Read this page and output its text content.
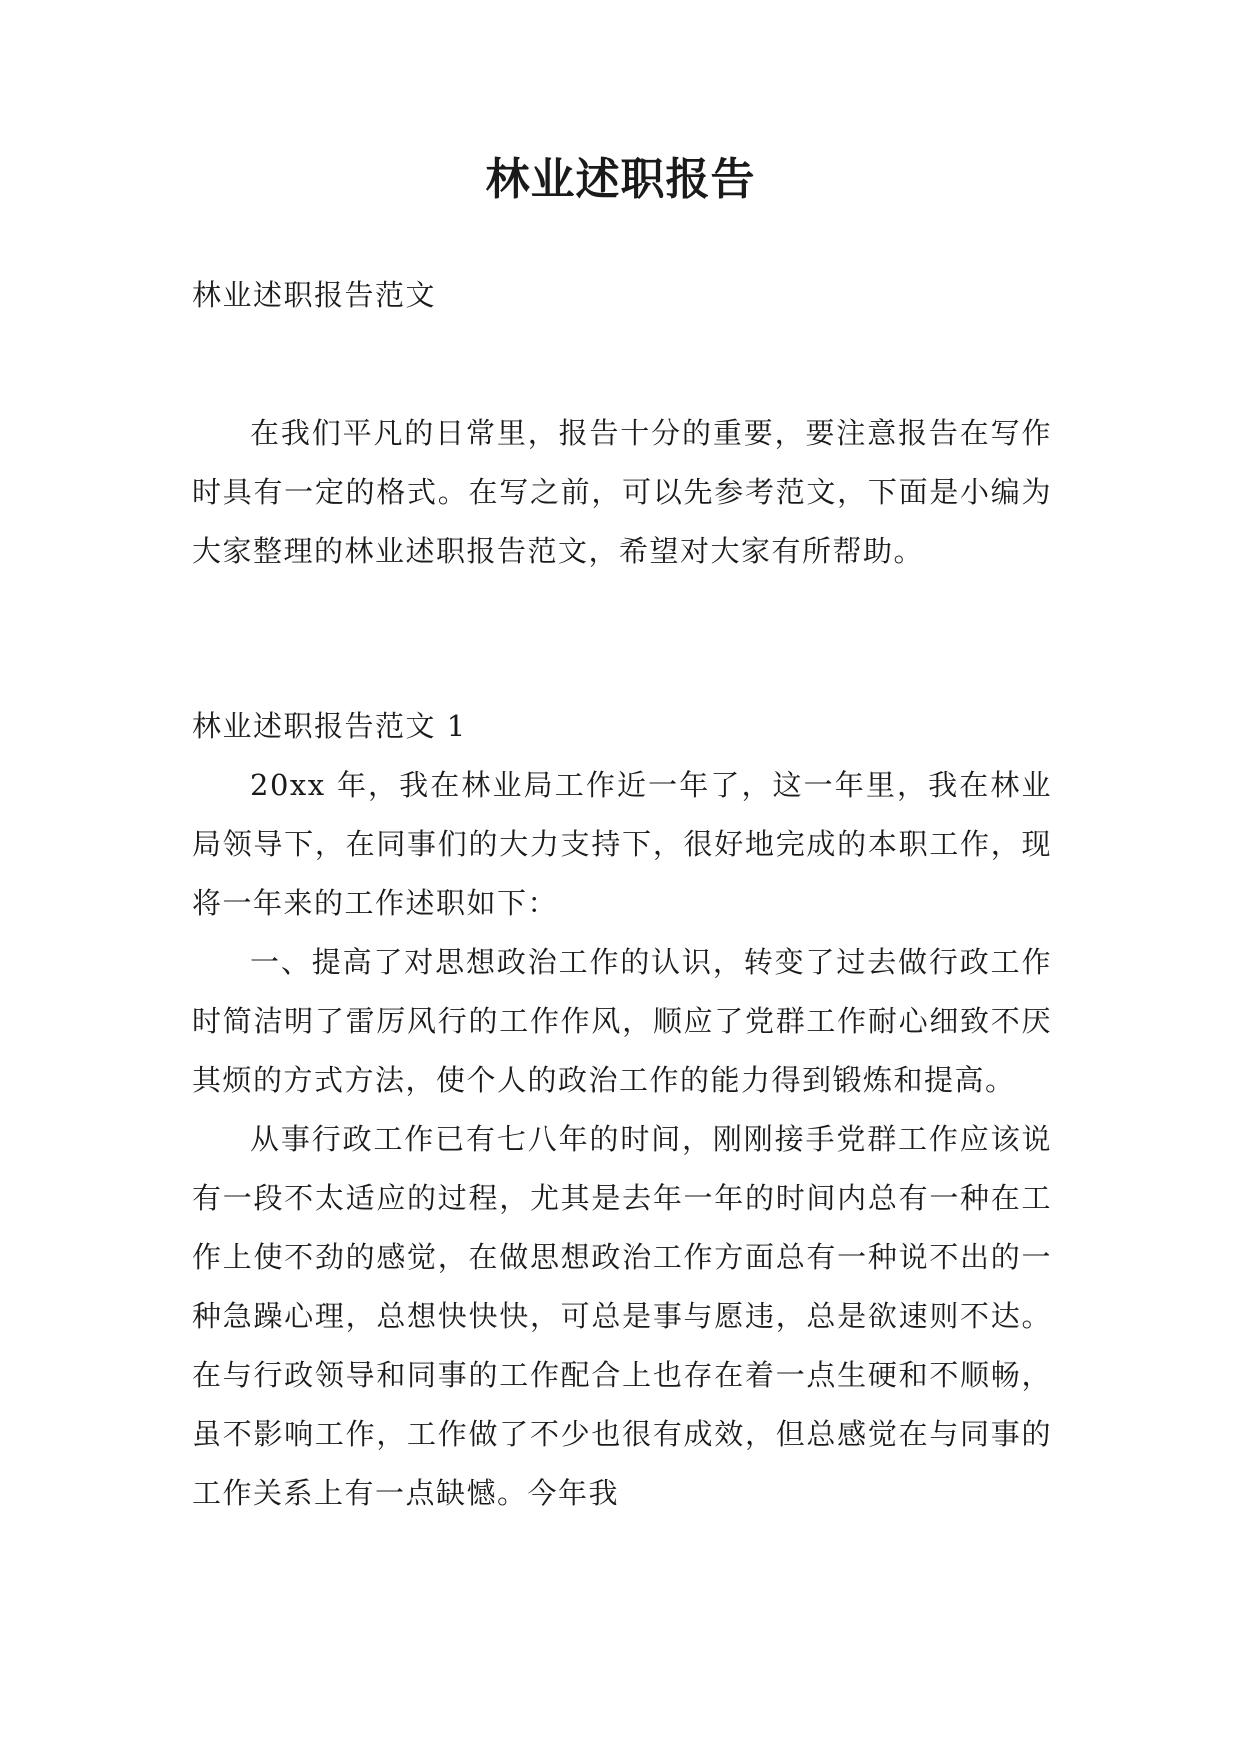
林业述职报告

林业述职报告范文

在我们平凡的日常里，报告十分的重要，要注意报告在写作时具有一定的格式。在写之前，可以先参考范文，下面是小编为大家整理的林业述职报告范文，希望对大家有所帮助。

林业述职报告范文 1

20xx 年，我在林业局工作近一年了，这一年里，我在林业局领导下，在同事们的大力支持下，很好地完成的本职工作，现将一年来的工作述职如下：

一、提高了对思想政治工作的认识，转变了过去做行政工作时简洁明了雷厉风行的工作作风，顺应了党群工作耐心细致不厌其烦的方式方法，使个人的政治工作的能力得到锻炼和提高。

从事行政工作已有七八年的时间，刚刚接手党群工作应该说有一段不太适应的过程，尤其是去年一年的时间内总有一种在工作上使不劲的感觉，在做思想政治工作方面总有一种说不出的一种急躁心理，总想快快快，可总是事与愿违，总是欲速则不达。在与行政领导和同事的工作配合上也存在着一点生硬和不顺畅，虽不影响工作，工作做了不少也很有成效，但总感觉在与同事的工作关系上有一点缺憾。今年我
